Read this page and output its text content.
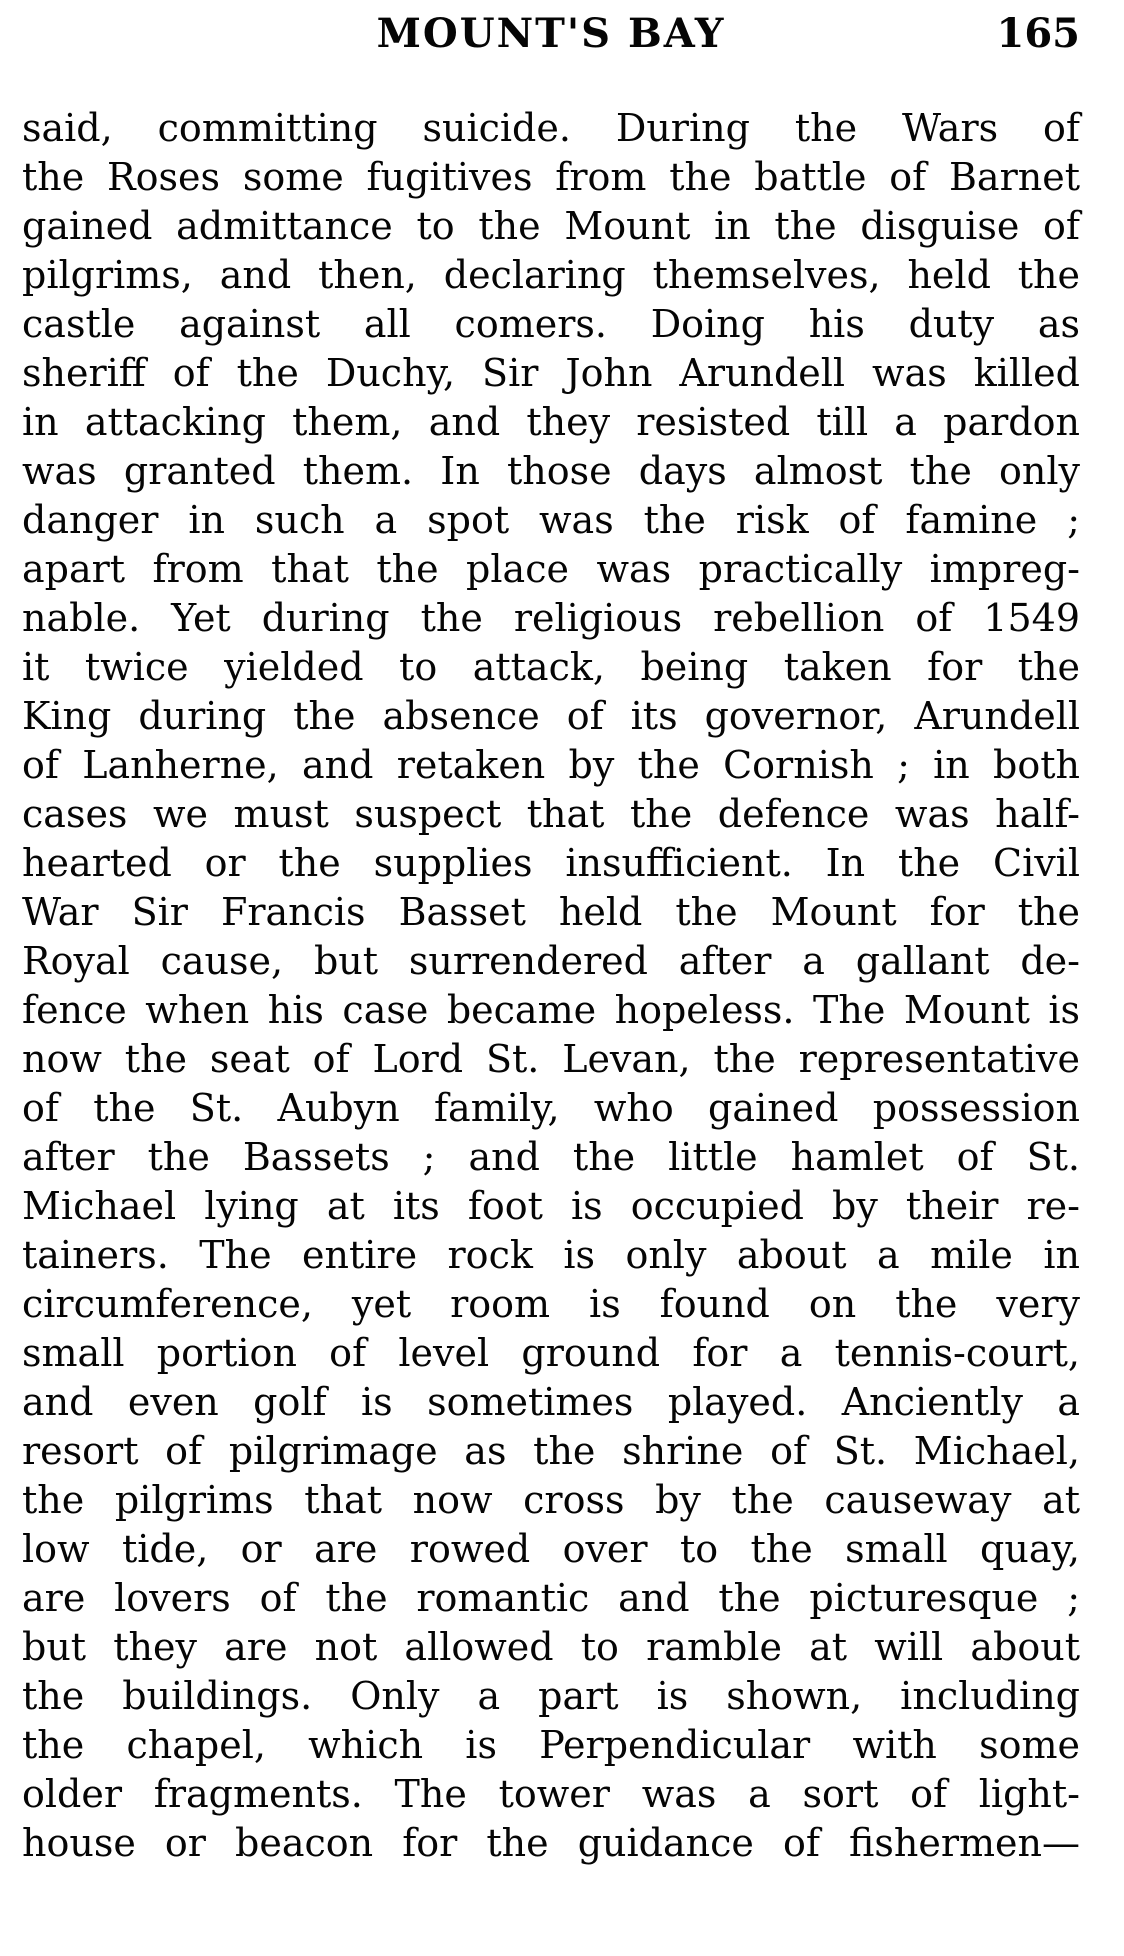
MOUNT'S BAY	165
said, committing suicide. During the Wars of
the Roses some fugitives from the battle of Barnet
gained admittance to the Mount in the disguise of
pilgrims, and then, declaring themselves, held the
castle against all comers. Doing his duty as
sheriff of the Duchy, Sir John Arundell was killed
in attacking them, and they resisted till a pardon
was granted them. In those days almost the only
danger in such a spot was the risk of famine ;
apart from that the place was practically impreg-
nable. Yet during the religious rebellion of 1549
it twice yielded to attack, being taken for the
King during the absence of its governor, Arundell
of Lanherne, and retaken by the Cornish ; in both
cases we must suspect that the defence was half-
hearted or the supplies insufficient. In the Civil
War Sir Francis Basset held the Mount for the
Royal cause, but surrendered after a gallant de-
fence when his case became hopeless. The Mount is
now the seat of Lord St. Levan, the representative
of the St. Aubyn family, who gained possession
after the Bassets ; and the little hamlet of St.
Michael lying at its foot is occupied by their re-
tainers. The entire rock is only about a mile in
circumference, yet room is found on the very
small portion of level ground for a tennis-court,
and even golf is sometimes played. Anciently a
resort of pilgrimage as the shrine of St. Michael,
the pilgrims that now cross by the causeway at
low tide, or are rowed over to the small quay,
are lovers of the romantic and the picturesque ;
but they are not allowed to ramble at will about
the buildings. Only a part is shown, including
the chapel, which is Perpendicular with some
older fragments. The tower was a sort of light-
house or beacon for the guidance of fishermen—
